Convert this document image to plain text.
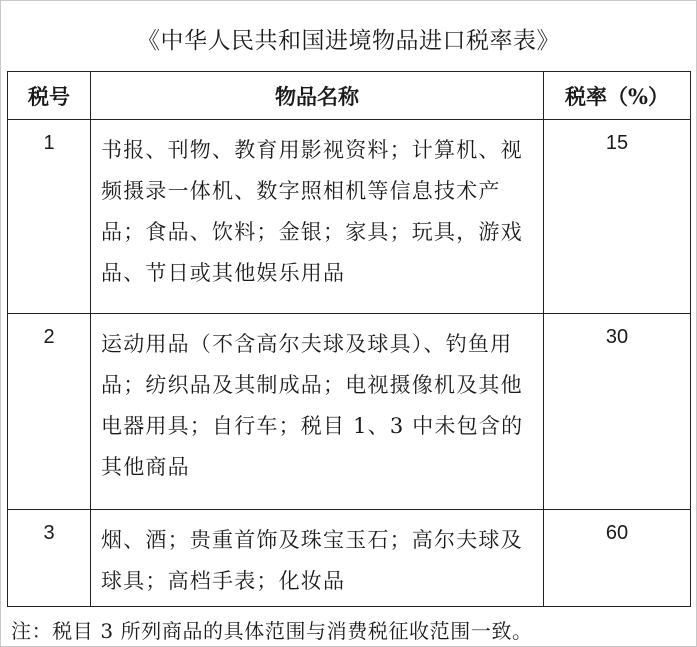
《中华人民共和国进境物品进口税率表》
税号	物品名称	税率（%）
1	书报、刊物、教育用影视资料；计算机、视频摄录一体机、数字照相机等信息技术产品；食品、饮料；金银；家具；玩具，游戏品、节日或其他娱乐用品	15
2	运动用品（不含高尔夫球及球具）、钓鱼用品；纺织品及其制成品；电视摄像机及其他电器用具；自行车；税目 1、3 中未包含的其他商品	30
3	烟、酒；贵重首饰及珠宝玉石；高尔夫球及球具；高档手表；化妆品	60
注：税目 3 所列商品的具体范围与消费税征收范围一致。
